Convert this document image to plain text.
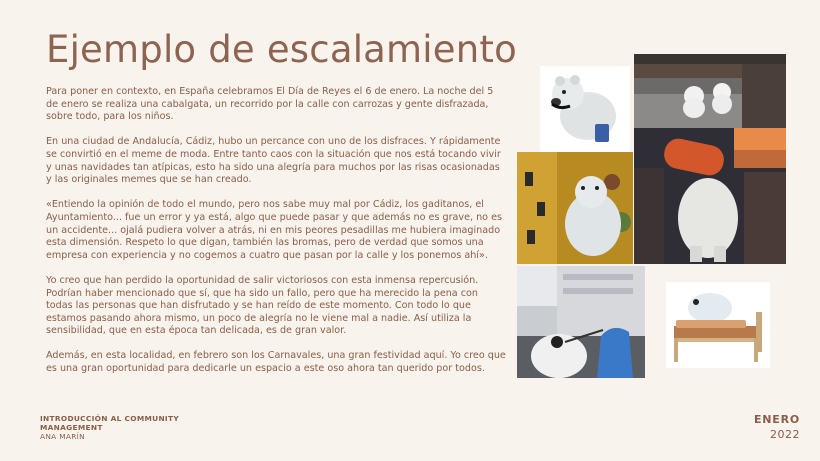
Ejemplo de escalamiento

Para poner en contexto, en España celebramos El Día de Reyes el 6 de enero. La noche del 5 de enero se realiza una cabalgata, un recorrido por la calle con carrozas y gente disfrazada, sobre todo, para los niños.

En una ciudad de Andalucía, Cádiz, hubo un percance con uno de los disfraces. Y rápidamente se convirtió en el meme de moda. Entre tanto caos con la situación que nos está tocando vivir y unas navidades tan atípicas, esto ha sido una alegría para muchos por las risas ocasionadas y las originales memes que se han creado.

«Entiendo la opinión de todo el mundo, pero nos sabe muy mal por Cádiz, los gaditanos, el Ayuntamiento... fue un error y ya está, algo que puede pasar y que además no es grave, no es un accidente... ojalá pudiera volver a atrás, ni en mis peores pesadillas me hubiera imaginado esta dimensión. Respeto lo que digan, también las bromas, pero de verdad que somos una empresa con experiencia y no cogemos a cuatro que pasan por la calle y los ponemos ahí».

Yo creo que han perdido la oportunidad de salir victoriosos con esta inmensa repercusión. Podrían haber mencionado que sí, que ha sido un fallo, pero que ha merecido la pena con todas las personas que han disfrutado y se han reído de este momento. Con todo lo que estamos pasando ahora mismo, un poco de alegría no le viene mal a nadie. Así utiliza la sensibilidad, que en esta época tan delicada, es de gran valor.

Además, en esta localidad, en febrero son los Carnavales, una gran festividad aquí. Yo creo que es una gran oportunidad para dedicarle un espacio a este oso ahora tan querido por todos.

INTRODUCCIÓN AL COMMUNITY
MANAGEMENT
ANA MARÍN
ENERO
2022
